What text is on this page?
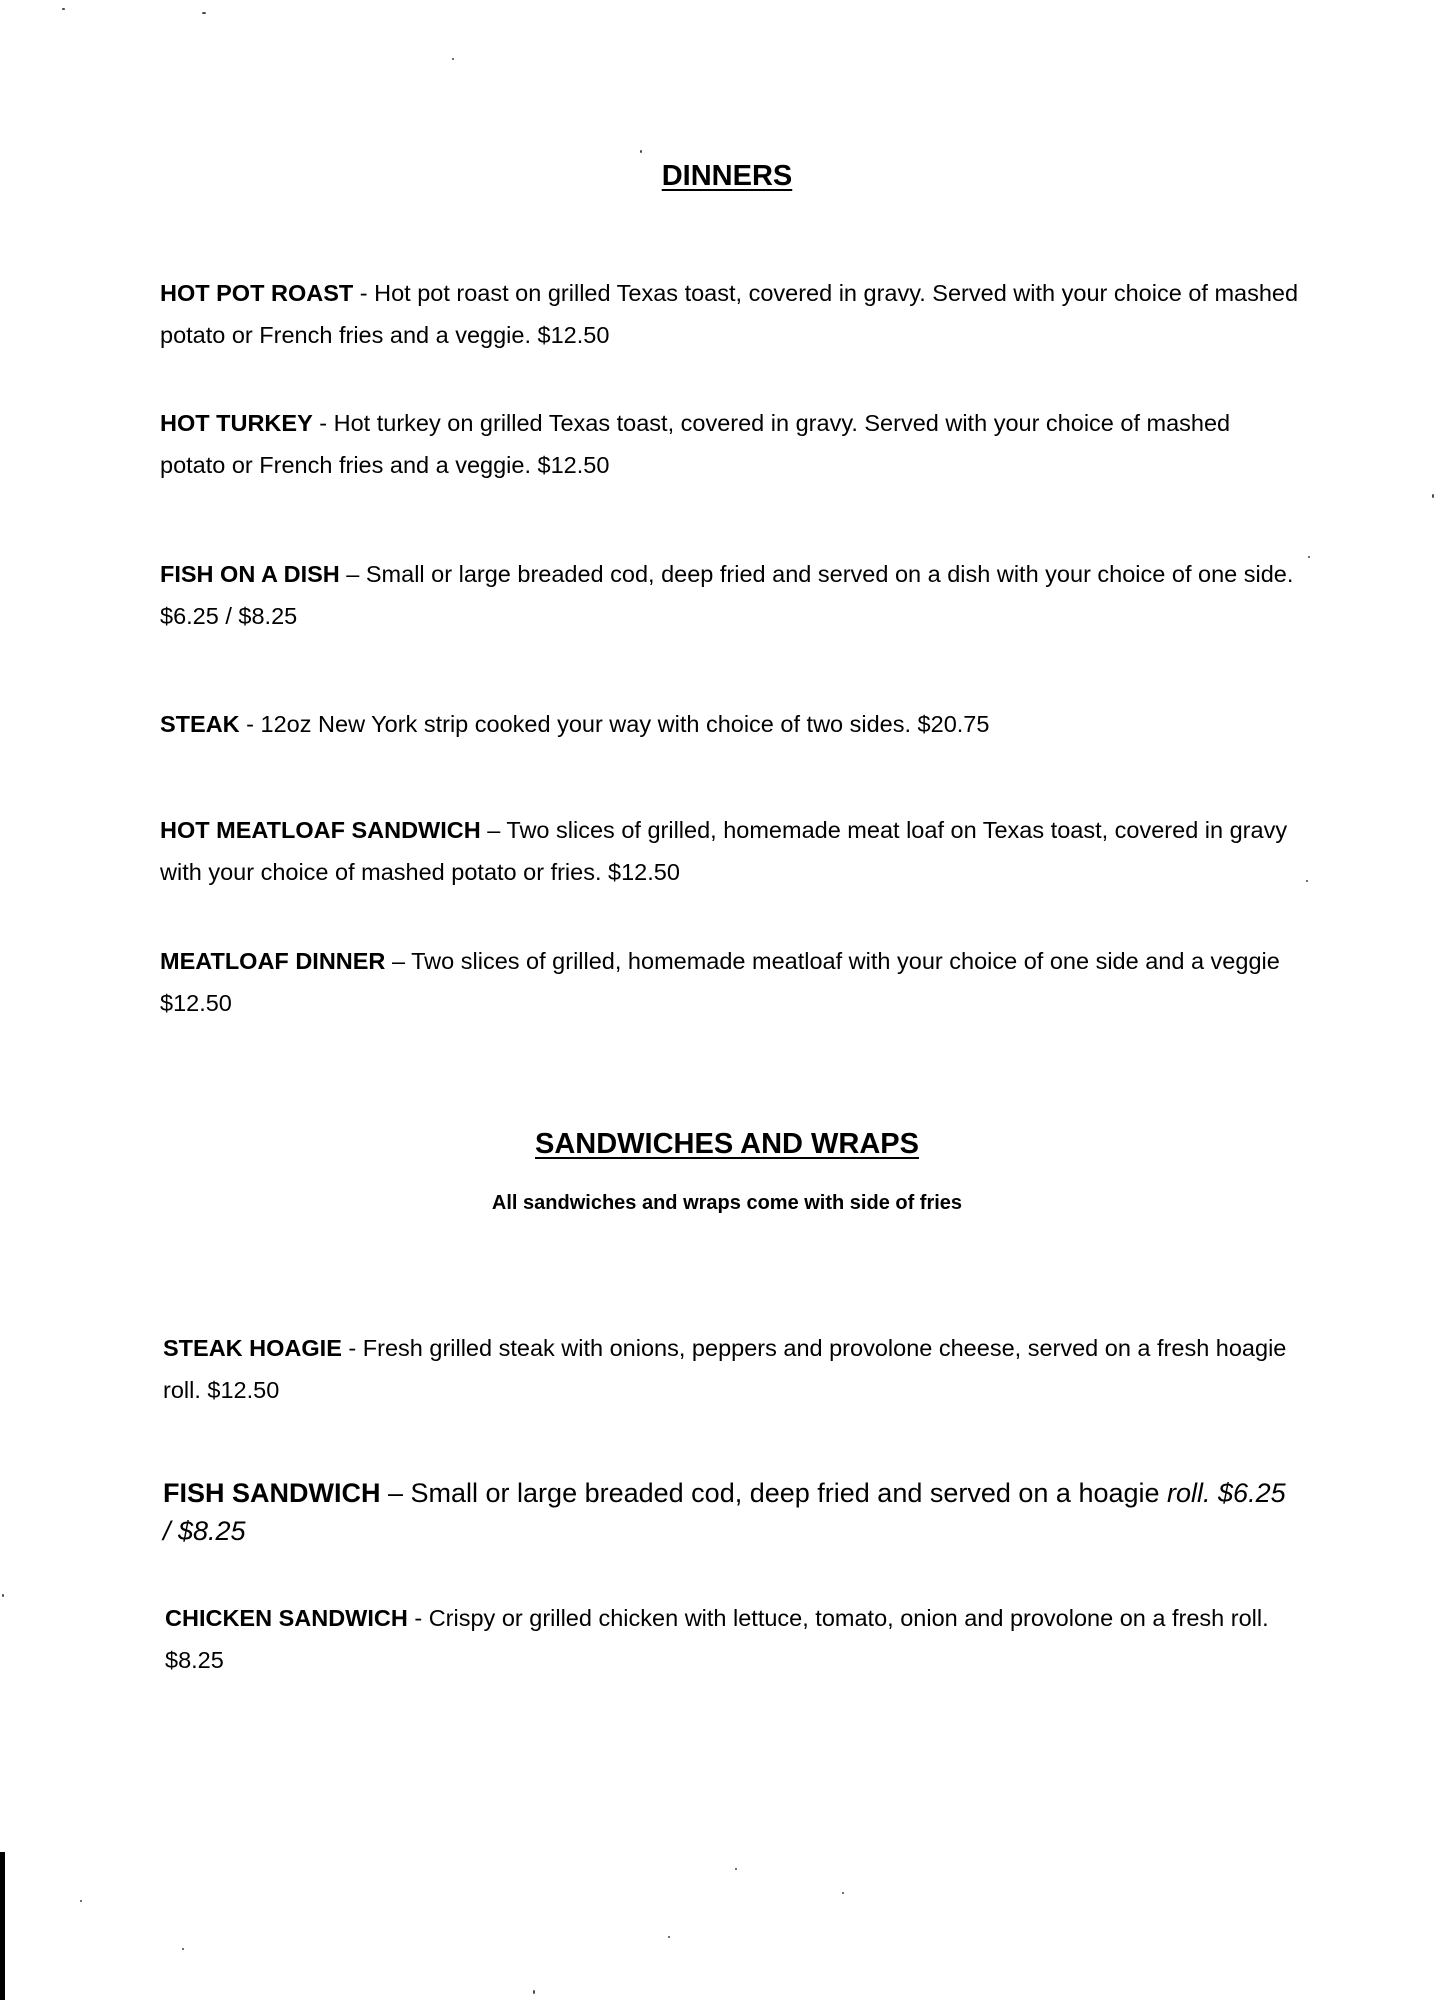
DINNERS

HOT POT ROAST - Hot pot roast on grilled Texas toast, covered in gravy. Served with your choice of mashed potato or French fries and a veggie. $12.50

HOT TURKEY - Hot turkey on grilled Texas toast, covered in gravy. Served with your choice of mashed potato or French fries and a veggie. $12.50

FISH ON A DISH – Small or large breaded cod, deep fried and served on a dish with your choice of one side. $6.25 / $8.25

STEAK - 12oz New York strip cooked your way with choice of two sides. $20.75

HOT MEATLOAF SANDWICH – Two slices of grilled, homemade meat loaf on Texas toast, covered in gravy with your choice of mashed potato or fries. $12.50

MEATLOAF DINNER – Two slices of grilled, homemade meatloaf with your choice of one side and a veggie $12.50

SANDWICHES AND WRAPS

All sandwiches and wraps come with side of fries

STEAK HOAGIE - Fresh grilled steak with onions, peppers and provolone cheese, served on a fresh hoagie roll. $12.50

FISH SANDWICH – Small or large breaded cod, deep fried and served on a hoagie roll. $6.25 / $8.25

CHICKEN SANDWICH - Crispy or grilled chicken with lettuce, tomato, onion and provolone on a fresh roll. $8.25
